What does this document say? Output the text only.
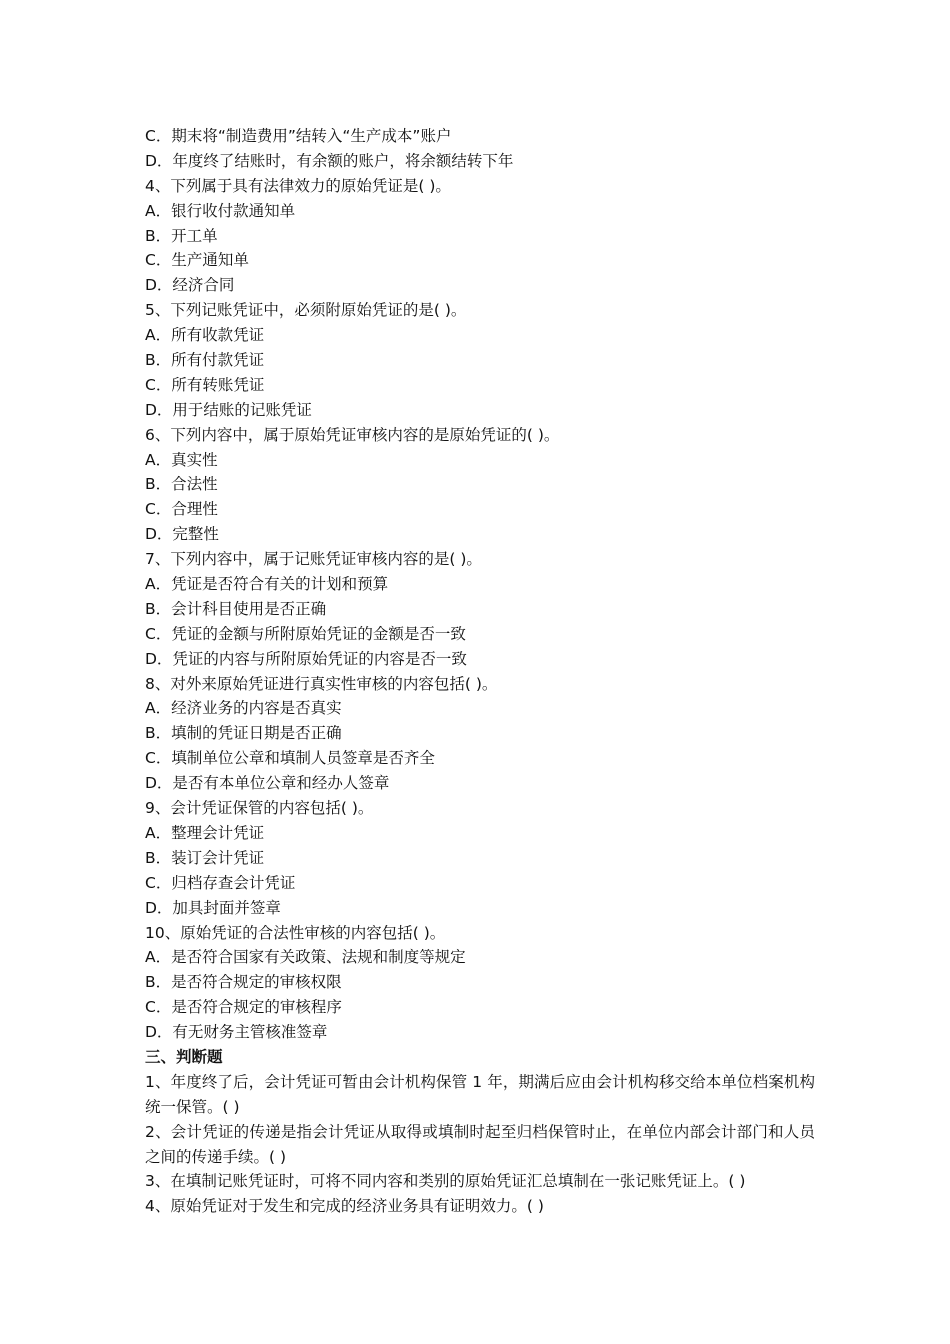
C．期末将“制造费用”结转入“生产成本”账户
D．年度终了结账时，有余额的账户，将余额结转下年
4、下列属于具有法律效力的原始凭证是( )。
A．银行收付款通知单
B．开工单
C．生产通知单
D．经济合同
5、下列记账凭证中，必须附原始凭证的是( )。
A．所有收款凭证
B．所有付款凭证
C．所有转账凭证
D．用于结账的记账凭证
6、下列内容中，属于原始凭证审核内容的是原始凭证的( )。
A．真实性
B．合法性
C．合理性
D．完整性
7、下列内容中，属于记账凭证审核内容的是( )。
A．凭证是否符合有关的计划和预算
B．会计科目使用是否正确
C．凭证的金额与所附原始凭证的金额是否一致
D．凭证的内容与所附原始凭证的内容是否一致
8、对外来原始凭证进行真实性审核的内容包括( )。
A．经济业务的内容是否真实
B．填制的凭证日期是否正确
C．填制单位公章和填制人员签章是否齐全
D．是否有本单位公章和经办人签章
9、会计凭证保管的内容包括( )。
A．整理会计凭证
B．装订会计凭证
C．归档存查会计凭证
D．加具封面并签章
10、原始凭证的合法性审核的内容包括( )。
A．是否符合国家有关政策、法规和制度等规定
B．是否符合规定的审核权限
C．是否符合规定的审核程序
D．有无财务主管核准签章
三、判断题
1、年度终了后，会计凭证可暂由会计机构保管 1 年，期满后应由会计机构移交给本单位档案机构统一保管。( )
2、会计凭证的传递是指会计凭证从取得或填制时起至归档保管时止，在单位内部会计部门和人员之间的传递手续。( )
3、在填制记账凭证时，可将不同内容和类别的原始凭证汇总填制在一张记账凭证上。( )
4、原始凭证对于发生和完成的经济业务具有证明效力。( )
